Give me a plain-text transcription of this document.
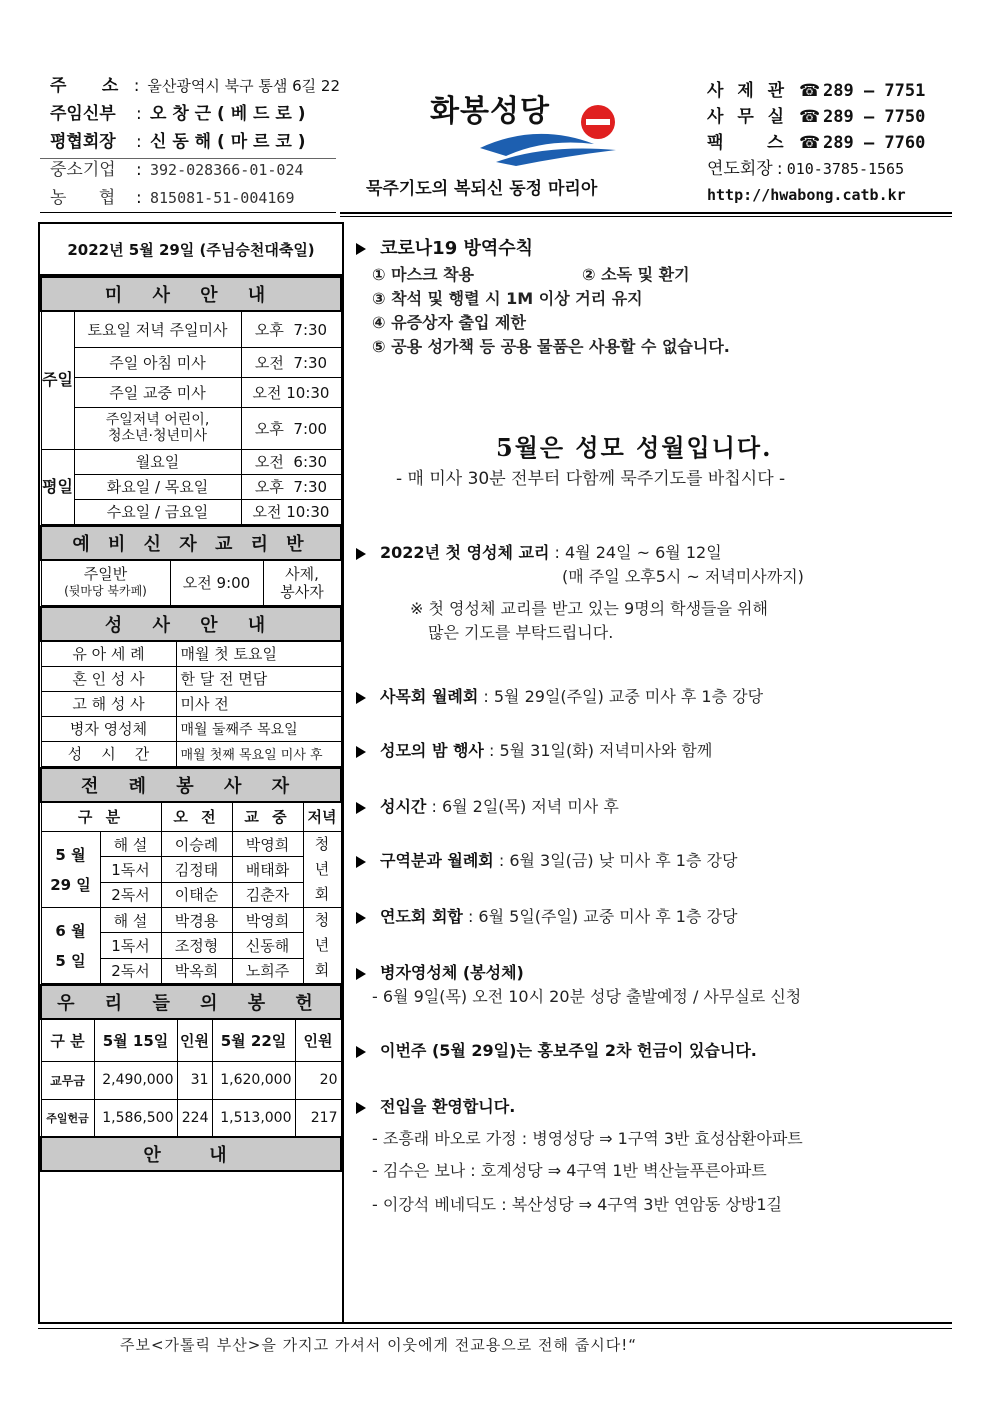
주      소 : 울산광역시 북구 통샘 6길 22
주임신부	: 오 창 근 ( 베 드 로 )
평협회장	: 신 동 해 ( 마 르 코 )
중소기업	: 392-028366-01-024
농      협	: 815081-51-004169
화봉성당
묵주기도의 복되신 동정 마리아
사 제 관 ☎ 289 – 7751
사 무 실 ☎ 289 – 7750
팩    스 ☎ 289 – 7760
연도회장 : 010-3785-1565
http://hwabong.catb.kr
2022년 5월 29일 (주님승천대축일)
미 사 안 내		
주일	토요일 저녁 주일미사	오후  7:30
	주일 아침 미사	오전  7:30
	주일 교중 미사	오전 10:30
	주일저녁 어린이,
청소년·청년미사	오후  7:00
평일	월요일	오전  6:30
	화요일 / 목요일	오후  7:30
	수요일 / 금요일	오전 10:30
예 비 신 자 교 리 반

주일반
(뒷마당 북카페)	오전 9:00	사제,
봉사자
성 사 안 내	
유 아 세 례	매월 첫 토요일
혼 인 성 사	한 달 전 면담
고 해 성 사	미사 전
병자 영성체	매월 둘째주 목요일
성    시    간	매월 첫째 목요일 미사 후
전 례 봉 사 자				
구 분		오 전	교 중	저녁
5 월
29 일	해 설	이승례	박영희	청
년
회
	1독서	김정태	배태화	
	2독서	이태순	김춘자	
6 월
5 일	해 설	박경용	박영희	청
년
회
	1독서	조정형	신동해	
	2독서	박옥희	노희주	
우 리 들 의 봉 헌				
구 분	5월 15일	인원	5월 22일	인원
교무금	2,490,000	31	1,620,000	20
주일헌금	1,586,500	224	1,513,000	217
안  내				
코로나19 방역수칙
① 마스크 착용	② 소독 및 환기
③ 착석 및 행렬 시 1M 이상 거리 유지
④ 유증상자 출입 제한
⑤ 공용 성가책 등 공용 물품은 사용할 수 없습니다.
5월은 성모 성월입니다.
- 매 미사 30분 전부터 다함께 묵주기도를 바칩시다 -
2022년 첫 영성체 교리 : 4월 24일 ~ 6월 12일
(매 주일 오후5시 ~ 저녁미사까지)
※ 첫 영성체 교리를 받고 있는 9명의 학생들을 위해
많은 기도를 부탁드립니다.
사목회 월례회 : 5월 29일(주일) 교중 미사 후 1층 강당
성모의 밤 행사 : 5월 31일(화) 저녁미사와 함께
성시간 : 6월 2일(목) 저녁 미사 후
구역분과 월례회 : 6월 3일(금) 낮 미사 후 1층 강당
연도회 회합 : 6월 5일(주일) 교중 미사 후 1층 강당
병자영성체 (봉성체)
- 6월 9일(목) 오전 10시 20분 성당 출발예정 / 사무실로 신청
이번주 (5월 29일)는 홍보주일 2차 헌금이 있습니다.
전입을 환영합니다.
- 조흥래 바오로 가정 : 병영성당 ⇒ 1구역 3반 효성삼환아파트
- 김수은 보나 : 호계성당 ⇒ 4구역 1반 벽산늘푸른아파트
- 이강석 베네딕도 : 복산성당 ⇒ 4구역 3반 연암동 상방1길
주보<가톨릭 부산>을 가지고 가셔서 이웃에게 전교용으로 전해 줍시다!“
